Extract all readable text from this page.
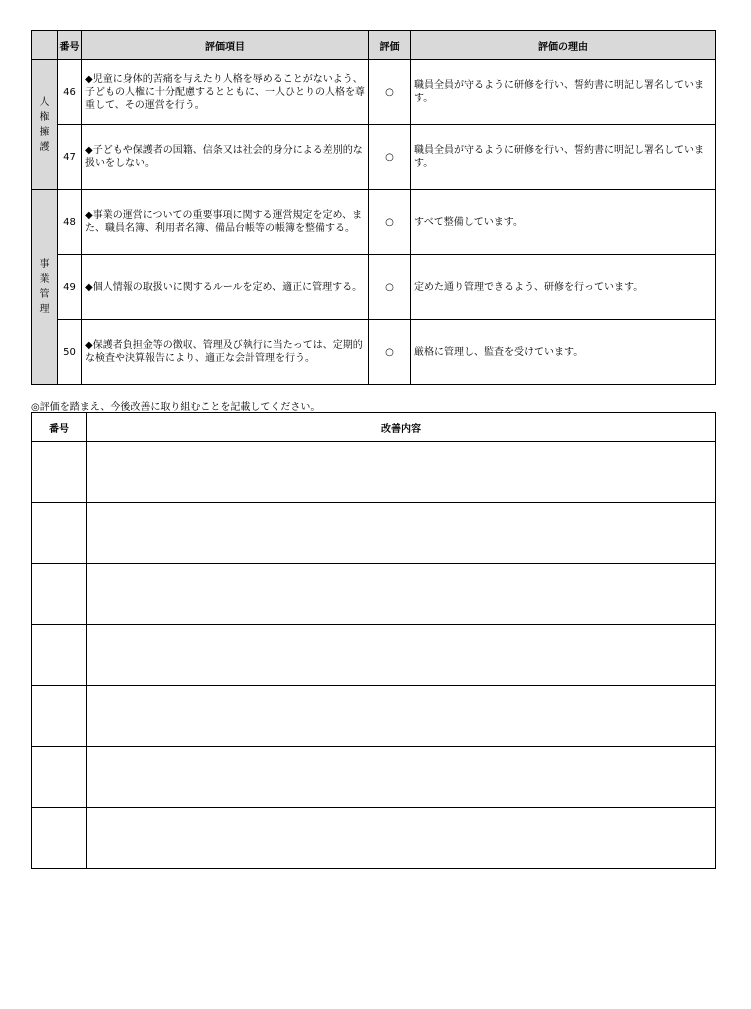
	番号	評価項目	評価	評価の理由

人
権
擁
護	46	◆児童に身体的苦痛を与えたり人格を辱めることがないよう、子どもの人権に十分配慮するとともに、一人ひとりの人格を尊重して、その運営を行う。	○	職員全員が守るように研修を行い、誓約書に明記し署名しています。
	47	◆子どもや保護者の国籍、信条又は社会的身分による差別的な扱いをしない。	○	職員全員が守るように研修を行い、誓約書に明記し署名しています。

事
業
管
理	48	◆事業の運営についての重要事項に関する運営規定を定め、また、職員名簿、利用者名簿、備品台帳等の帳簿を整備する。	○	すべて整備しています。
	49	◆個人情報の取扱いに関するルールを定め、適正に管理する。	○	定めた通り管理できるよう、研修を行っています。
	50	◆保護者負担金等の徴収、管理及び執行に当たっては、定期的な検査や決算報告により、適正な会計管理を行う。	○	厳格に管理し、監査を受けています。
◎評価を踏まえ、今後改善に取り組むことを記載してください。
番号	改善内容
